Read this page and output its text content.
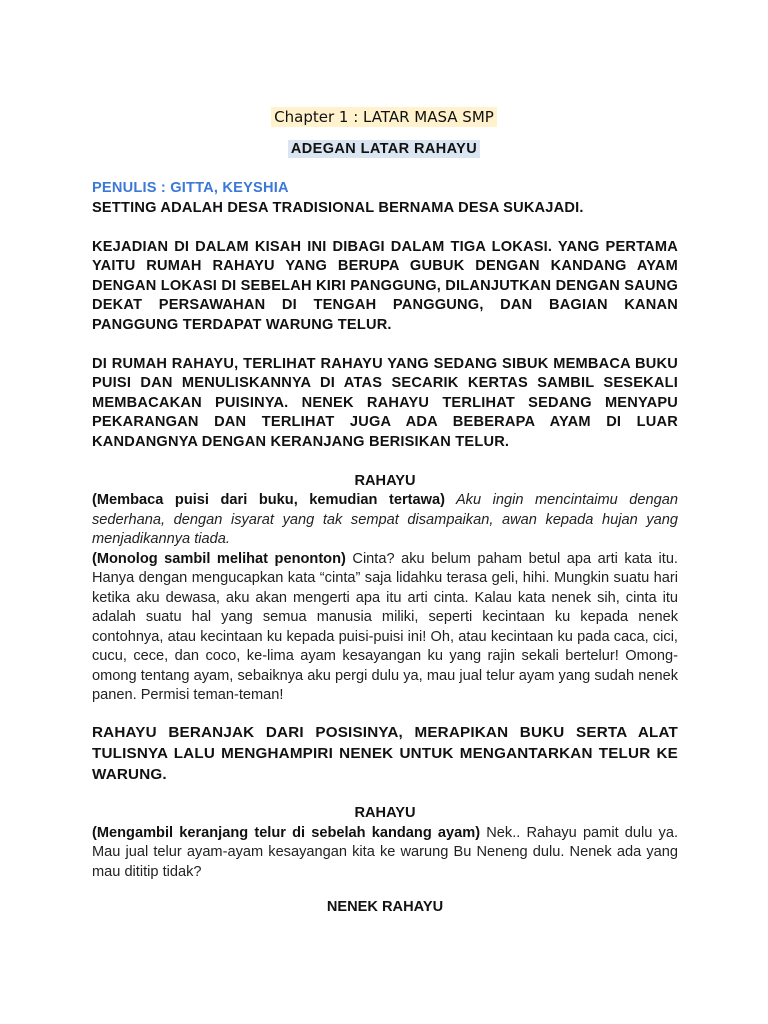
Chapter 1 : LATAR MASA SMP
ADEGAN LATAR RAHAYU
PENULIS : GITTA, KEYSHIA
SETTING ADALAH DESA TRADISIONAL BERNAMA DESA SUKAJADI.
KEJADIAN DI DALAM KISAH INI DIBAGI DALAM TIGA LOKASI. YANG PERTAMA YAITU RUMAH RAHAYU YANG BERUPA GUBUK DENGAN KANDANG AYAM DENGAN LOKASI DI SEBELAH KIRI PANGGUNG, DILANJUTKAN DENGAN SAUNG DEKAT PERSAWAHAN DI TENGAH PANGGUNG, DAN BAGIAN KANAN PANGGUNG TERDAPAT WARUNG TELUR.
DI RUMAH RAHAYU, TERLIHAT RAHAYU YANG SEDANG SIBUK MEMBACA BUKU PUISI DAN MENULISKANNYA DI ATAS SECARIK KERTAS SAMBIL SESEKALI MEMBACAKAN PUISINYA. NENEK RAHAYU TERLIHAT SEDANG MENYAPU PEKARANGAN DAN TERLIHAT JUGA ADA BEBERAPA AYAM DI LUAR KANDANGNYA DENGAN KERANJANG BERISIKAN TELUR.
RAHAYU
(Membaca puisi dari buku, kemudian tertawa) Aku ingin mencintaimu dengan sederhana, dengan isyarat yang tak sempat disampaikan, awan kepada hujan yang menjadikannya tiada.
(Monolog sambil melihat penonton) Cinta? aku belum paham betul apa arti kata itu. Hanya dengan mengucapkan kata “cinta” saja lidahku terasa geli, hihi. Mungkin suatu hari ketika aku dewasa, aku akan mengerti apa itu arti cinta. Kalau kata nenek sih, cinta itu adalah suatu hal yang semua manusia miliki, seperti kecintaan ku kepada nenek contohnya, atau kecintaan ku kepada puisi-puisi ini! Oh, atau kecintaan ku pada caca, cici, cucu, cece, dan coco, ke-lima ayam kesayangan ku yang rajin sekali bertelur! Omong-omong tentang ayam, sebaiknya aku pergi dulu ya, mau jual telur ayam yang sudah nenek panen. Permisi teman-teman!
RAHAYU BERANJAK DARI POSISINYA, MERAPIKAN BUKU SERTA ALAT TULISNYA LALU MENGHAMPIRI NENEK UNTUK MENGANTARKAN TELUR KE WARUNG.
RAHAYU
(Mengambil keranjang telur di sebelah kandang ayam) Nek.. Rahayu pamit dulu ya. Mau jual telur ayam-ayam kesayangan kita ke warung Bu Neneng dulu. Nenek ada yang mau dititip tidak?
NENEK RAHAYU
